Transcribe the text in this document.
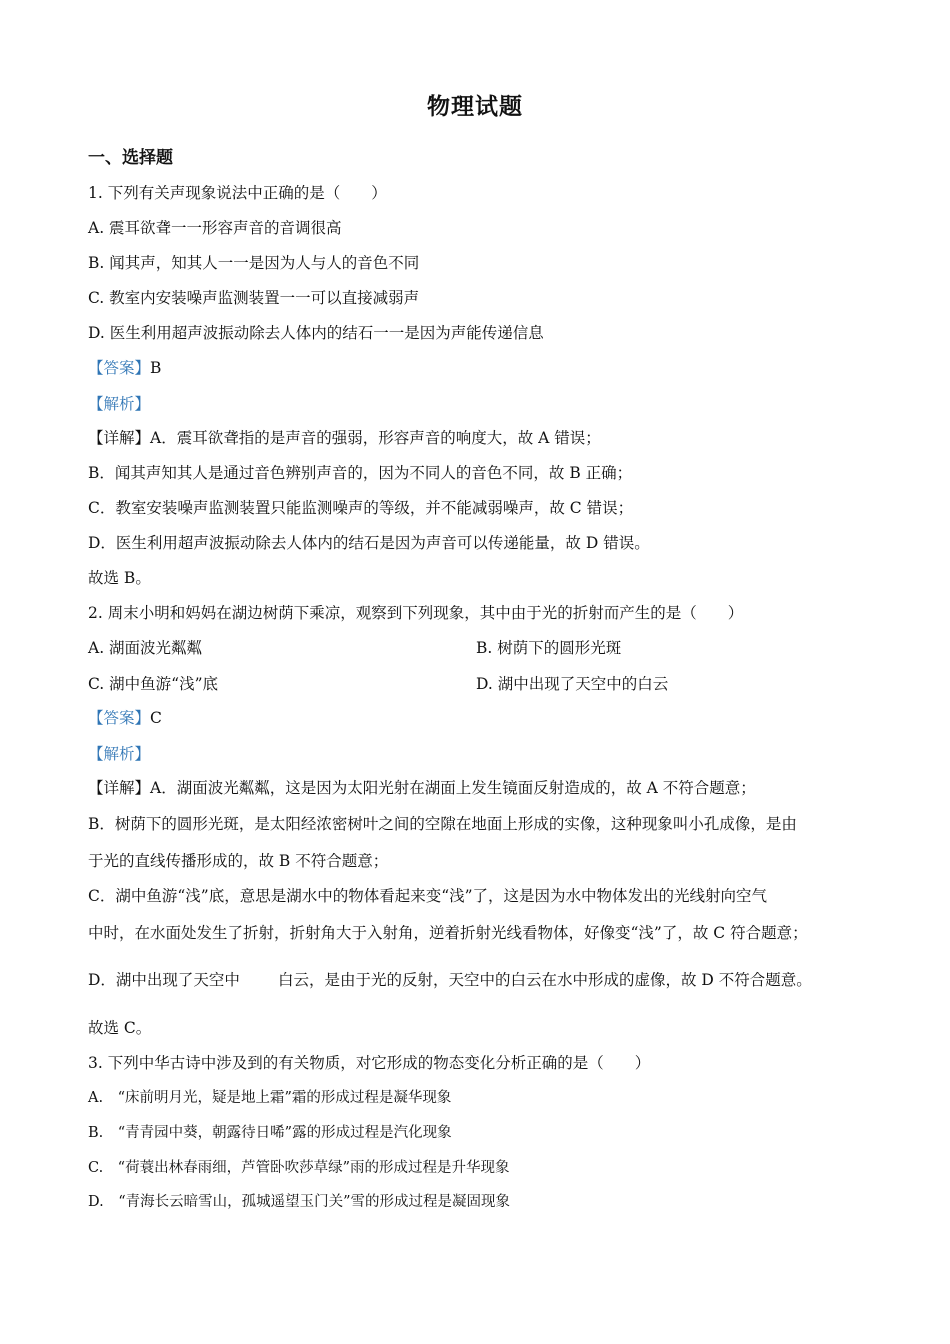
物理试题
一、选择题
1. 下列有关声现象说法中正确的是（　　）
A. 震耳欲聋一一形容声音的音调很高
B. 闻其声，知其人一一是因为人与人的音色不同
C. 教室内安装噪声监测装置一一可以直接减弱声
D. 医生利用超声波振动除去人体内的结石一一是因为声能传递信息
【答案】B
【解析】
【详解】A．震耳欲聋指的是声音的强弱，形容声音的响度大，故 A 错误；
B．闻其声知其人是通过音色辨别声音的，因为不同人的音色不同，故 B 正确；
C．教室安装噪声监测装置只能监测噪声的等级，并不能减弱噪声，故 C 错误；
D．医生利用超声波振动除去人体内的结石是因为声音可以传递能量，故 D 错误。
故选 B。
2. 周末小明和妈妈在湖边树荫下乘凉，观察到下列现象，其中由于光的折射而产生的是（　　）
A. 湖面波光粼粼	B. 树荫下的圆形光斑
C. 湖中鱼游“浅”底	D. 湖中出现了天空中的白云
【答案】C
【解析】
【详解】A．湖面波光粼粼，这是因为太阳光射在湖面上发生镜面反射造成的，故 A 不符合题意；
B．树荫下的圆形光斑，是太阳经浓密树叶之间的空隙在地面上形成的实像，这种现象叫小孔成像，是由
于光的直线传播形成的，故 B 不符合题意；
C．湖中鱼游“浅”底，意思是湖水中的物体看起来变“浅”了，这是因为水中物体发出的光线射向空气
中时，在水面处发生了折射，折射角大于入射角，逆着折射光线看物体，好像变“浅”了，故 C 符合题意；
D．湖中出现了天空中 白云，是由于光的反射，天空中的白云在水中形成的虚像，故 D 不符合题意。
故选 C。
3. 下列中华古诗中涉及到的有关物质，对它形成的物态变化分析正确的是（　　）
A.　“床前明月光，疑是地上霜”霜的形成过程是凝华现象
B.　“青青园中葵，朝露待日唏”露的形成过程是汽化现象
C.　“荷蓑出林春雨细，芦管卧吹莎草绿”雨的形成过程是升华现象
D.　“青海长云暗雪山，孤城遥望玉门关”雪的形成过程是凝固现象
